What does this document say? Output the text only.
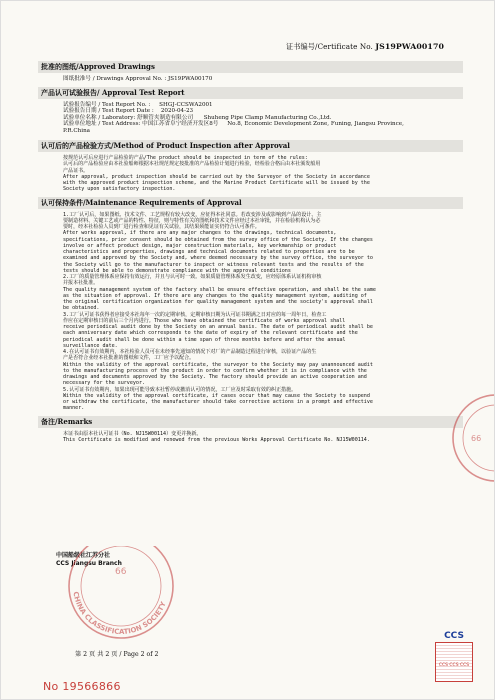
证书编号/Certificate No. JS19PWA00170
批准的图纸/Approved Drawings
图纸批准号 / Drawings Approval No. : JS19PWA00170
产品认可试验报告/ Approval Test Report
试验报告编号 / Test Report No. :     SHGJ-CCSWA2001
试验报告日期 / Test Report Date :    2020-04-23
试验单位名称 / Laboratory: 舒顺管夹制造有限公司      Shuheng Pipe Clamp Manufacturing Co.,Ltd.
试验单位地址 / Test Address: 中国江苏省阜宁经济开发区8号     No.8, Economic Development Zone, Funing, Jiangsu Province,
P.R.China
认可后的产品检验方式/Method of Product Inspection after Approval
按规范认可后应进行产品检验的产品/The product should be inspected in term of the rules:
认可后的产品检验应由本社验船师根据本社规范规定按批准的产品检验计划进行检验，经检验合格后由本社颁发船用
产品证书。
After approval, product inspection should be carried out by the Surveyor of the Society in accordance
with the approved product inspection scheme, and the Marine Product Certificate will be issued by the
Society upon satisfactory inspection.
认可保持条件/Maintenance Requirements of Approval
1.工厂认可后，如果图纸、技术文件、工艺规程有较大改变，应征得本社同意。若改变涉及或影响到产品的设计、主
要制造材料、关键工艺或产品的特性、特征，则与特性有关的图纸和技术文件应经过本社审批，并在检验机构认为必
要时，经本社检验人员到厂进行检查和见证有关试验，其结果须能证实仍符合认可条件。
After works approval, if there are any major changes to the drawings, technical documents,
specifications, prior consent should be obtained from the survey office of the Society. If the changes
involve or affect product design, major construction materials, key workmanship or product
characteristics and properties, drawings and technical documents related to properties are to be
examined and approved by the Society and, where deemed necessary by the survey office, the surveyor to
the Society will go to the manufacturer to inspect or witness relevant tests and the results of the
tests should be able to demonstrate compliance with the approval conditions
2.工厂的质量管理体系应保持有效运行，并且与认可时一致。如果质量管理体系发生改变，应经原体系认证机构审核
并报本社批准。
The quality management system of the factory shall be ensure effective operation, and shall be the same
as the situation of approval. If there are any changes to the quality management system, auditing of
the original certification organization for quality management system and the society's approval shall
be obtained.
3.工厂认可证书获得者应接受本社每年一次的定期审核，定期审核日期为认可证书期满之日对应的每一周年日，检查工
作应在定期审核日的前后三个月内进行。Those who have obtained the certificate of works approval shall
receive periodical audit done by the Society on an annual basis. The date of periodical audit shall be
each anniversary date which corresponds to the date of expiry of the relevant certificate and the
periodical audit shall be done within a time span of three months before and after the annual
surveillance date.
4.在认可证书有效期内，本社检验人员可在未经事先通知的情况下对厂的产品制造过程进行审核，以验证产品的生
产是否符合业经本社批准的图纸和文件，工厂应予以配合。
Within the validity of the approval certificate, the surveyor to the Society may pay unannounced audit
to the manufacturing process of the product in order to confirm whether it is in compliance with the
drawings and documents approved by the Society. The factory should provide an active cooperation and
necessary for the surveyor.
5.认可证书有效期内，如果出现可能导致本社暂停或撤消认可的情况，工厂应及时采取有效的纠正措施。
Within the validity of the approval certificate, if cases occur that may cause the Society to suspend
or withdraw the certificate, the manufacturer should take corrective actions in a prompt and effective
manner.
备注/Remarks
本证书由原本社认可证书（No. NJ15W00114）变更并换新。
This Certificate is modified and renewed from the previous Works Approval Certificate No. NJ15W00114.
中国船级社江苏分社
CCS Jiangsu Branch
CHINA CLASSIFICATION SOCIETY
66
66
第 2 页 共 2 页 / Page 2 of 2
No 19566866
CCS
CCS CCS CCS
